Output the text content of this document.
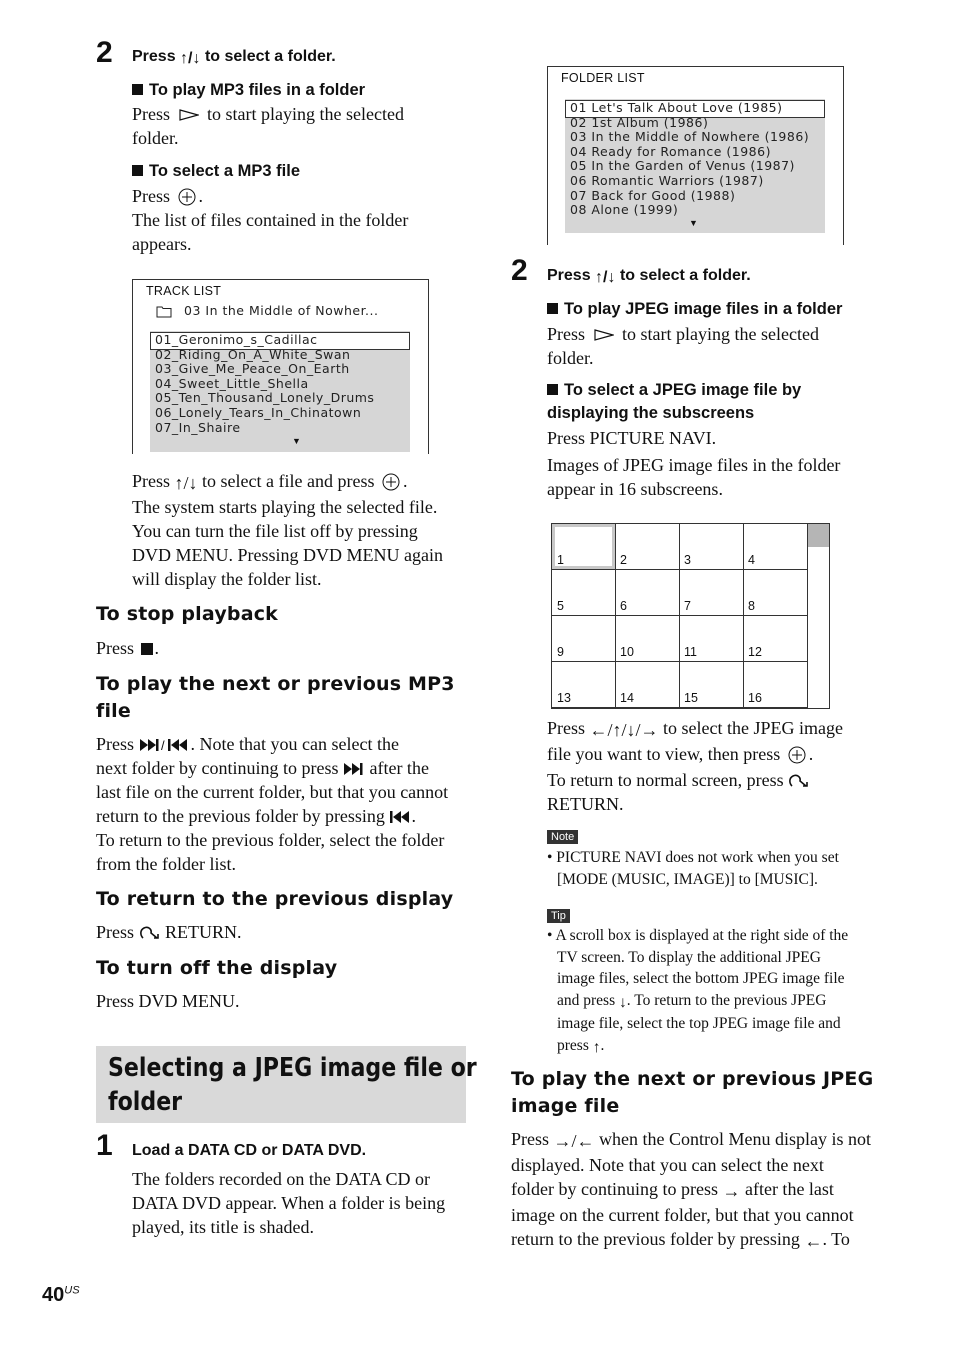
2 Press ↑/↓ to select a folder.
To play MP3 files in a folder
Press  to start playing the selected
folder.
To select a MP3 file
Press .
The list of files contained in the folder
appears.
TRACK LIST
03 In the Middle of Nowher...
01_Geronimo_s_Cadillac
02_Riding_On_A_White_Swan
03_Give_Me_Peace_On_Earth
04_Sweet_Little_Shella
05_Ten_Thousand_Lonely_Drums
06_Lonely_Tears_In_Chinatown
07_In_Shaire
▼
Press ↑/↓ to select a file and press .
The system starts playing the selected file.
You can turn the file list off by pressing
DVD MENU. Pressing DVD MENU again
will display the folder list.
To stop playback
Press .
To play the next or previous MP3
file
Press / . Note that you can select the
next folder by continuing to press  after the
last file on the current folder, but that you cannot
return to the previous folder by pressing .
To return to the previous folder, select the folder
from the folder list.
To return to the previous display
Press  RETURN.
To turn off the display
Press DVD MENU.
Selecting a JPEG image file or
folder
1 Load a DATA CD or DATA DVD.
The folders recorded on the DATA CD or
DATA DVD appear. When a folder is being
played, its title is shaded.
FOLDER LIST
01 Let's Talk About Love (1985)
02 1st Album (1986)
03 In the Middle of Nowhere (1986)
04 Ready for Romance (1986)
05 In the Garden of Venus (1987)
06 Romantic Warriors (1987)
07 Back for Good (1988)
08 Alone (1999)
▼
2 Press ↑/↓ to select a folder.
To play JPEG image files in a folder
Press  to start playing the selected
folder.
To select a JPEG image file by
displaying the subscreens
Press PICTURE NAVI.
Images of JPEG image files in the folder
appear in 16 subscreens.
1	2	3	4
5	6	7	8
9	10	11	12
13	14	15	16
Press ←/↑/↓/→ to select the JPEG image
file you want to view, then press .
To return to normal screen, press
RETURN.
Note
• PICTURE NAVI does not work when you set
[MODE (MUSIC, IMAGE)] to [MUSIC].
Tip
• A scroll box is displayed at the right side of the
TV screen. To display the additional JPEG
image files, select the bottom JPEG image file
and press ↓. To return to the previous JPEG
image file, select the top JPEG image file and
press ↑.
To play the next or previous JPEG
image file
Press →/← when the Control Menu display is not
displayed. Note that you can select the next
folder by continuing to press → after the last
image on the current folder, but that you cannot
return to the previous folder by pressing ←. To
$40^{US}$
